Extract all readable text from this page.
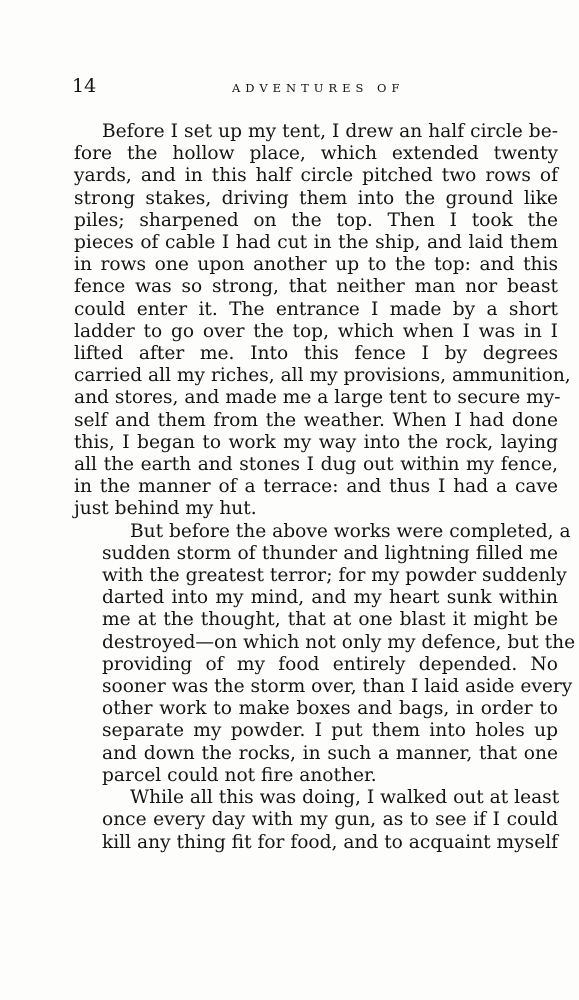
14	ADVENTURES OF

Before I set up my tent, I drew an half circle be-
fore the hollow place, which extended twenty
yards, and in this half circle pitched two rows of
strong stakes, driving them into the ground like
piles; sharpened on the top. Then I took the
pieces of cable I had cut in the ship, and laid them
in rows one upon another up to the top: and this
fence was so strong, that neither man nor beast
could enter it. The entrance I made by a short
ladder to go over the top, which when I was in I
lifted after me. Into this fence I by degrees
carried all my riches, all my provisions, ammunition,
and stores, and made me a large tent to secure my-
self and them from the weather. When I had done
this, I began to work my way into the rock, laying
all the earth and stones I dug out within my fence,
in the manner of a terrace: and thus I had a cave
just behind my hut.

But before the above works were completed, a
sudden storm of thunder and lightning filled me
with the greatest terror; for my powder suddenly
darted into my mind, and my heart sunk within
me at the thought, that at one blast it might be
destroyed—on which not only my defence, but the
providing of my food entirely depended. No
sooner was the storm over, than I laid aside every
other work to make boxes and bags, in order to
separate my powder. I put them into holes up
and down the rocks, in such a manner, that one
parcel could not fire another.

While all this was doing, I walked out at least
once every day with my gun, as to see if I could
kill any thing fit for food, and to acquaint myself
